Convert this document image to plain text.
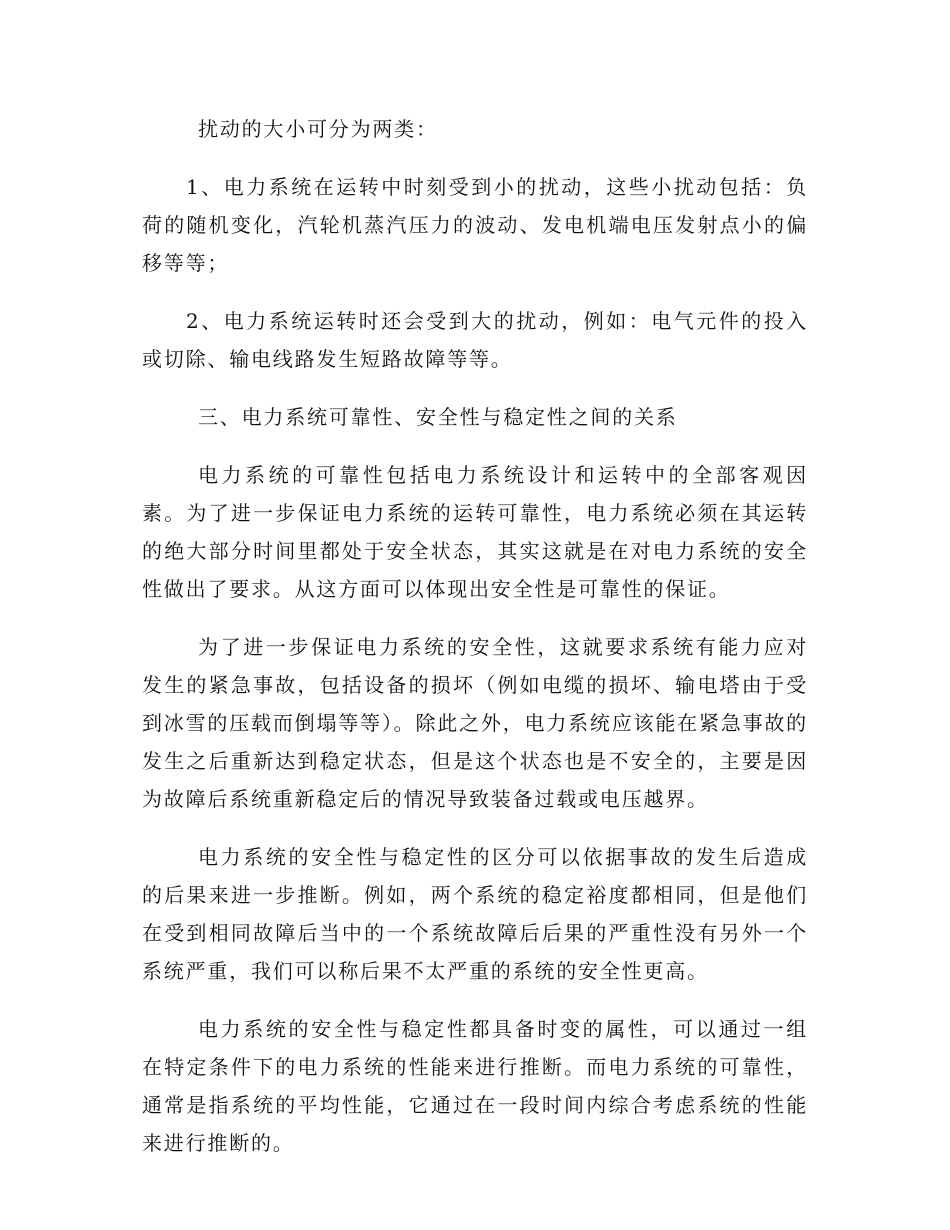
扰动的大小可分为两类：

1、电力系统在运转中时刻受到小的扰动，这些小扰动包括：负荷的随机变化，汽轮机蒸汽压力的波动、发电机端电压发射点小的偏移等等；

2、电力系统运转时还会受到大的扰动，例如：电气元件的投入或切除、输电线路发生短路故障等等。

三、电力系统可靠性、安全性与稳定性之间的关系

电力系统的可靠性包括电力系统设计和运转中的全部客观因素。为了进一步保证电力系统的运转可靠性，电力系统必须在其运转的绝大部分时间里都处于安全状态，其实这就是在对电力系统的安全性做出了要求。从这方面可以体现出安全性是可靠性的保证。

为了进一步保证电力系统的安全性，这就要求系统有能力应对发生的紧急事故，包括设备的损坏（例如电缆的损坏、输电塔由于受到冰雪的压载而倒塌等等）。除此之外，电力系统应该能在紧急事故的发生之后重新达到稳定状态，但是这个状态也是不安全的，主要是因为故障后系统重新稳定后的情况导致装备过载或电压越界。

电力系统的安全性与稳定性的区分可以依据事故的发生后造成的后果来进一步推断。例如，两个系统的稳定裕度都相同，但是他们在受到相同故障后当中的一个系统故障后后果的严重性没有另外一个系统严重，我们可以称后果不太严重的系统的安全性更高。

电力系统的安全性与稳定性都具备时变的属性，可以通过一组在特定条件下的电力系统的性能来进行推断。而电力系统的可靠性，通常是指系统的平均性能，它通过在一段时间内综合考虑系统的性能来进行推断的。
